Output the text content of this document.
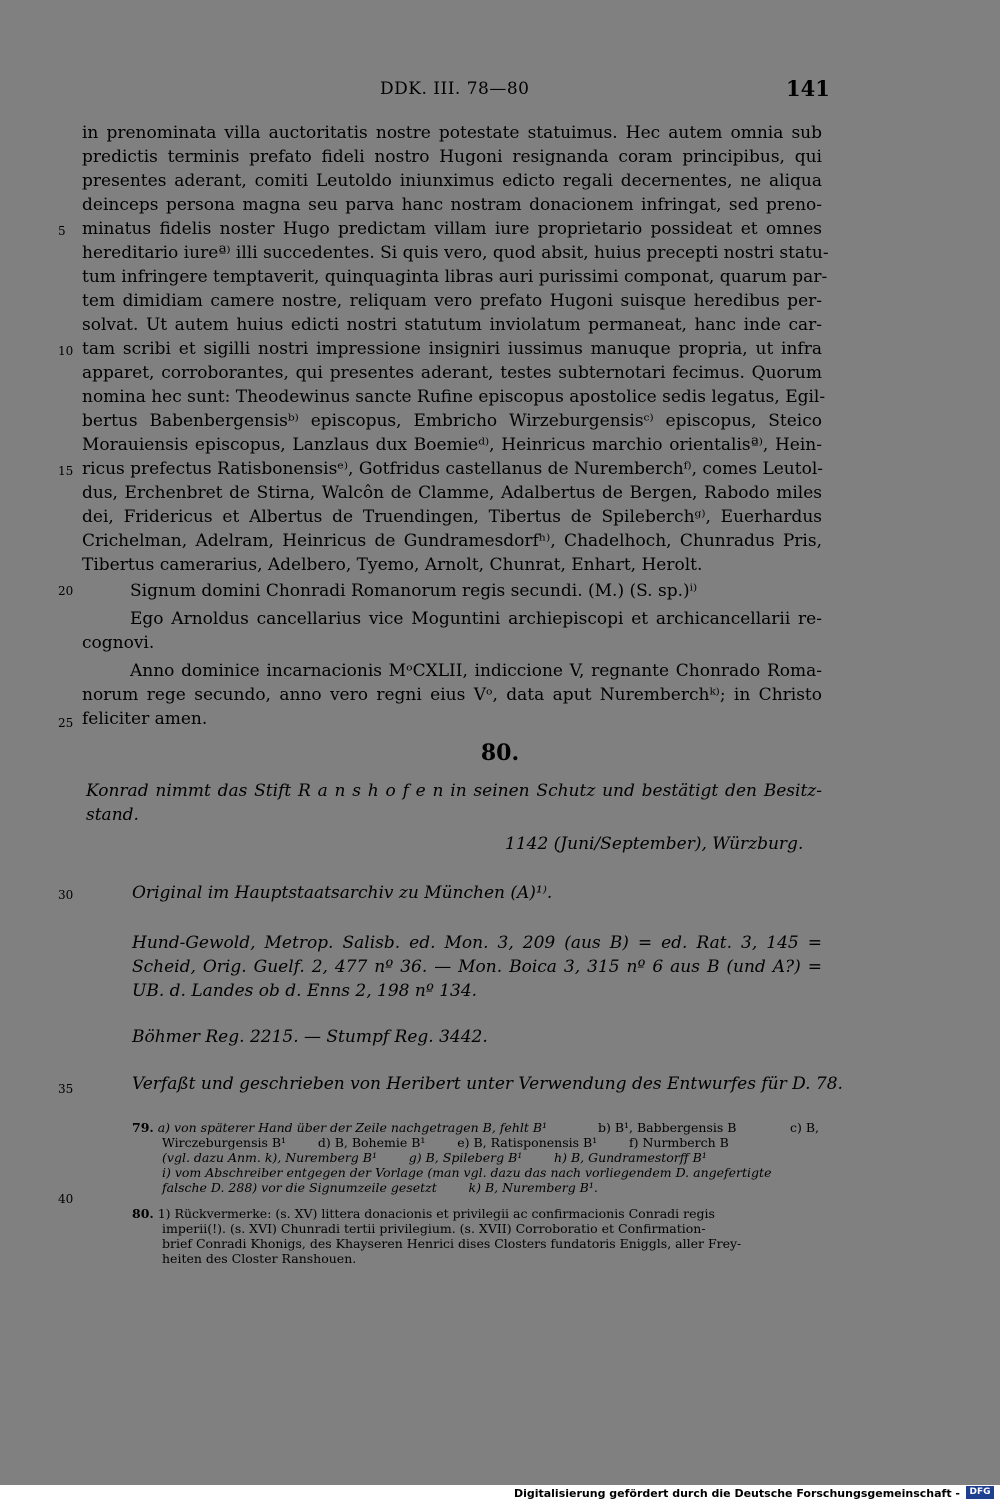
DDK. III. 78—80	141
in prenominata villa auctoritatis nostre potestate statuimus. Hec autem omnia sub
predictis terminis prefato fideli nostro Hugoni resignanda coram principibus, qui
presentes aderant, comiti Leutoldo iniunximus edicto regali decernentes, ne aliqua
deinceps persona magna seu parva hanc nostram donacionem infringat, sed preno-
minatus fidelis noster Hugo predictam villam iure proprietario possideat et omnes
hereditario iureª⁾ illi succedentes. Si quis vero, quod absit, huius precepti nostri statu-
tum infringere temptaverit, quinquaginta libras auri purissimi componat, quarum par-
tem dimidiam camere nostre, reliquam vero prefato Hugoni suisque heredibus per-
solvat. Ut autem huius edicti nostri statutum inviolatum permaneat, hanc inde car-
tam scribi et sigilli nostri impressione insigniri iussimus manuque propria, ut infra
apparet, corroborantes, qui presentes aderant, testes subternotari fecimus. Quorum
nomina hec sunt: Theodewinus sancte Rufine episcopus apostolice sedis legatus, Egil-
bertus Babenbergensisᵇ⁾ episcopus, Embricho Wirzeburgensisᶜ⁾ episcopus, Steico
Morauiensis episcopus, Lanzlaus dux Boemieᵈ⁾, Heinricus marchio orientalisª⁾, Hein-
ricus prefectus Ratisbonensisᵉ⁾, Gotfridus castellanus de Nuremberchᶠ⁾, comes Leutol-
dus, Erchenbret de Stirna, Walcôn de Clamme, Adalbertus de Bergen, Rabodo miles
dei, Fridericus et Albertus de Truendingen, Tibertus de Spileberchᵍ⁾, Euerhardus
Crichelman, Adelram, Heinricus de Gundramesdorfʰ⁾, Chadelhoch, Chunradus Pris,
Tibertus camerarius, Adelbero, Tyemo, Arnolt, Chunrat, Enhart, Herolt.
5
10
15
20
25
30
35
40
Signum domini Chonradi Romanorum regis secundi. (M.) (S. sp.)ⁱ⁾
Ego Arnoldus cancellarius vice Moguntini archiepiscopi et archicancellarii re-
cognovi.
Anno dominice incarnacionis MᵒCXLII, indiccione V, regnante Chonrado Roma-
norum rege secundo, anno vero regni eius Vᵒ, data aput Nuremberchᵏ⁾; in Christo
feliciter amen.
80.
Konrad nimmt das Stift R a n s h o f e n in seinen Schutz und bestätigt den Besitz-
stand.
1142 (Juni/September), Würzburg.
Original im Hauptstaatsarchiv zu München (A)¹⁾.
Hund-Gewold, Metrop. Salisb. ed. Mon. 3, 209 (aus B) = ed. Rat. 3, 145 =
Scheid, Orig. Guelf. 2, 477 nº 36. — Mon. Boica 3, 315 nº 6 aus B (und A?) =
UB. d. Landes ob d. Enns 2, 198 nº 134.
Böhmer Reg. 2215. — Stumpf Reg. 3442.
Verfaßt und geschrieben von Heribert unter Verwendung des Entwurfes für D. 78.
79. a) von späterer Hand über der Zeile nachgetragen B, fehlt B¹	b) B¹, Babbergensis B	c) B,
Wirczeburgensis B¹        d) B, Bohemie B¹        e) B, Ratisponensis B¹        f) Nurmberch B
(vgl. dazu Anm. k), Nuremberg B¹        g) B, Spileberg B¹        h) B, Gundramestorff B¹
i) vom Abschreiber entgegen der Vorlage (man vgl. dazu das nach vorliegendem D. angefertigte
falsche D. 288) vor die Signumzeile gesetzt        k) B, Nuremberg B¹.
80. 1) Rückvermerke: (s. XV) littera donacionis et privilegii ac confirmacionis Conradi regis
imperii(!). (s. XVI) Chunradi tertii privilegium. (s. XVII) Corroboratio et Confirmation-
brief Conradi Khonigs, des Khayseren Henrici dises Closters fundatoris Eniggls, aller Frey-
heiten des Closter Ranshouen.
Digitalisierung gefördert durch die Deutsche Forschungsgemeinschaft -	DFG
